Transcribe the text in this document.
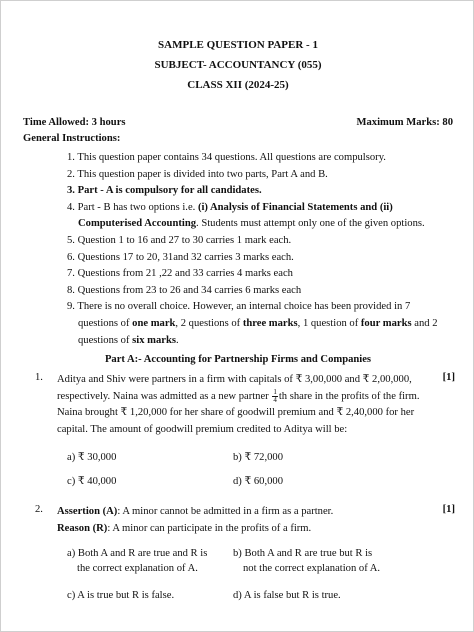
SAMPLE QUESTION PAPER - 1
SUBJECT- ACCOUNTANCY (055)
CLASS XII (2024-25)
Time Allowed: 3 hours	Maximum Marks: 80
General Instructions:
1. This question paper contains 34 questions. All questions are compulsory.
2. This question paper is divided into two parts, Part A and B.
3. Part - A is compulsory for all candidates.
4. Part - B has two options i.e. (i) Analysis of Financial Statements and (ii)
Computerised Accounting. Students must attempt only one of the given options.
5. Question 1 to 16 and 27 to 30 carries 1 mark each.
6. Questions 17 to 20, 31and 32 carries 3 marks each.
7. Questions from 21 ,22 and 33 carries 4 marks each
8. Questions from 23 to 26 and 34 carries 6 marks each
9. There is no overall choice. However, an internal choice has been provided in 7
questions of one mark, 2 questions of three marks, 1 question of four marks and 2
questions of six marks.
Part A:- Accounting for Partnership Firms and Companies
1.	[1]
Aditya and Shiv were partners in a firm with capitals of ₹ 3,00,000 and ₹ 2,00,000,
respectively. Naina was admitted as a new partner $\frac{1}{4}$ th share in the profits of the firm.
Naina brought ₹ 1,20,000 for her share of goodwill premium and ₹ 2,40,000 for her
capital. The amount of goodwill premium credited to Aditya will be:
a) ₹ 30,000	b) ₹ 72,000
c) ₹ 40,000	d) ₹ 60,000
2.	[1]
Assertion (A): A minor cannot be admitted in a firm as a partner.
Reason (R): A minor can participate in the profits of a firm.
a) Both A and R are true and R is
the correct explanation of A.
b) Both A and R are true but R is
not the correct explanation of A.
c) A is true but R is false.	d) A is false but R is true.
